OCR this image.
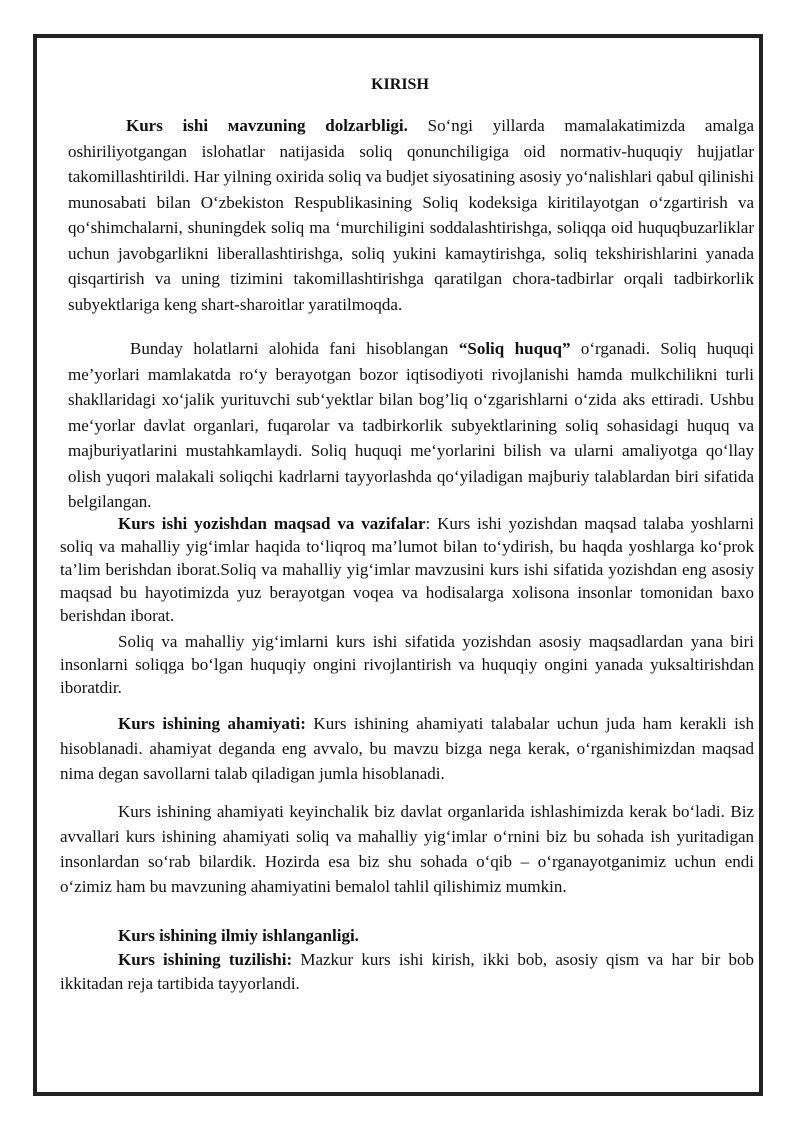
KIRISH

Kurs ishi мavzuning dolzarbligi. So‘ngi yillarda mamalakatimizda amalga oshiriliyotgangan islohatlar natijasida soliq qonunchiligiga oid normativ-huquqiy hujjatlar takomillashtirildi. Har yilning oxirida soliq va budjet siyosatining asosiy yo‘nalishlari qabul qilinishi munosabati bilan O‘zbekiston Respublikasining Soliq kodeksiga kiritilayotgan o‘zgartirish va qo‘shimchalarni, shuningdek soliq ma ‘murchiligini soddalashtirishga, soliqqa oid huquqbuzarliklar uchun javobgarlikni liberallashtirishga, soliq yukini kamaytirishga, soliq tekshirishlarini yanada qisqartirish va uning tizimini takomillashtirishga qaratilgan chora-tadbirlar orqali tadbirkorlik subyektlariga keng shart-sharoitlar yaratilmoqda.

Bunday holatlarni alohida fani hisoblangan “Soliq huquq” o‘rganadi. Soliq huquqi me’yorlari mamlakatda ro‘y berayotgan bozor iqtisodiyoti rivojlanishi hamda mulkchilikni turli shakllaridagi xo‘jalik yurituvchi sub‘yektlar bilan bog’liq o‘zgarishlarni o‘zida aks ettiradi. Ushbu me‘yorlar davlat organlari, fuqarolar va tadbirkorlik subyektlarining soliq sohasidagi huquq va majburiyatlarini mustahkamlaydi. Soliq huquqi me‘yorlarini bilish va ularni amaliyotga qo‘llay olish yuqori malakali soliqchi kadrlarni tayyorlashda qo‘yiladigan majburiy talablardan biri sifatida belgilangan.

Kurs ishi yozishdan maqsad va vazifalar: Kurs ishi yozishdan maqsad talaba yoshlarni soliq va mahalliy yig‘imlar haqida to‘liqroq ma’lumot bilan to‘ydirish, bu haqda yoshlarga ko‘prok ta’lim berishdan iborat.Soliq va mahalliy yig‘imlar mavzusini kurs ishi sifatida yozishdan eng asosiy maqsad bu hayotimizda yuz berayotgan voqea va hodisalarga xolisona insonlar tomonidan baxo berishdan iborat.

Soliq va mahalliy yig‘imlarni kurs ishi sifatida yozishdan asosiy maqsadlardan yana biri insonlarni soliqga bo‘lgan huquqiy ongini rivojlantirish va huquqiy ongini yanada yuksaltirishdan iboratdir.

Kurs ishining ahamiyati: Kurs ishining ahamiyati talabalar uchun juda ham kerakli ish hisoblanadi. ahamiyat deganda eng avvalo, bu mavzu bizga nega kerak, o‘rganishimizdan maqsad nima degan savollarni talab qiladigan jumla hisoblanadi.

Kurs ishining ahamiyati keyinchalik biz davlat organlarida ishlashimizda kerak bo‘ladi. Biz avvallari kurs ishining ahamiyati soliq va mahalliy yig‘imlar o‘rnini biz bu sohada ish yuritadigan insonlardan so‘rab bilardik. Hozirda esa biz shu sohada o‘qib – o‘rganayotganimiz uchun endi o‘zimiz ham bu mavzuning ahamiyatini bemalol tahlil qilishimiz mumkin.

Kurs ishining ilmiy ishlanganligi.

Kurs ishining tuzilishi: Mazkur kurs ishi kirish, ikki bob, asosiy qism va har bir bob ikkitadan reja tartibida tayyorlandi.
